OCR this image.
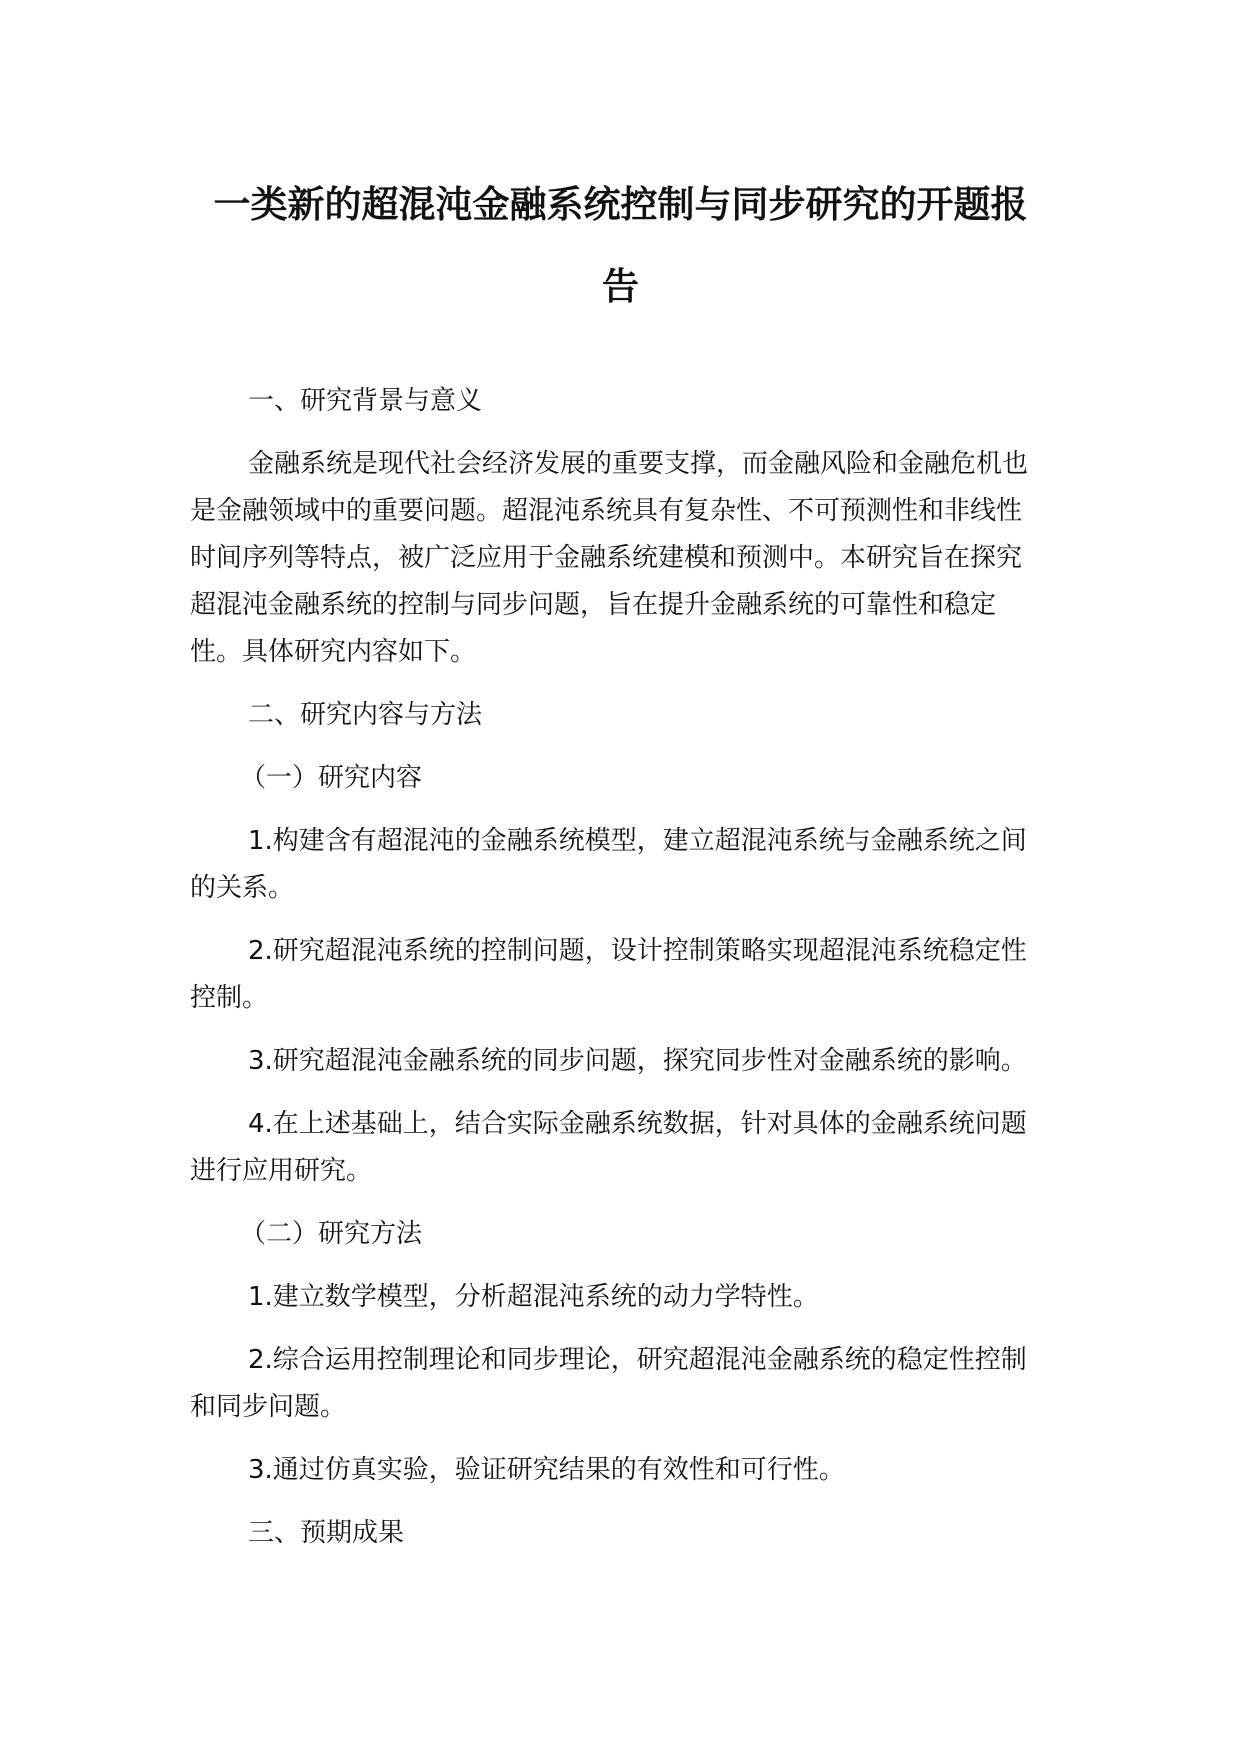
一类新的超混沌金融系统控制与同步研究的开题报
告

一、研究背景与意义

金融系统是现代社会经济发展的重要支撑，而金融风险和金融危机也是金融领域中的重要问题。超混沌系统具有复杂性、不可预测性和非线性时间序列等特点，被广泛应用于金融系统建模和预测中。本研究旨在探究超混沌金融系统的控制与同步问题，旨在提升金融系统的可靠性和稳定性。具体研究内容如下。

二、研究内容与方法

（一）研究内容

1.构建含有超混沌的金融系统模型，建立超混沌系统与金融系统之间的关系。

2.研究超混沌系统的控制问题，设计控制策略实现超混沌系统稳定性控制。

3.研究超混沌金融系统的同步问题，探究同步性对金融系统的影响。

4.在上述基础上，结合实际金融系统数据，针对具体的金融系统问题进行应用研究。

（二）研究方法

1.建立数学模型，分析超混沌系统的动力学特性。

2.综合运用控制理论和同步理论，研究超混沌金融系统的稳定性控制和同步问题。

3.通过仿真实验，验证研究结果的有效性和可行性。

三、预期成果
